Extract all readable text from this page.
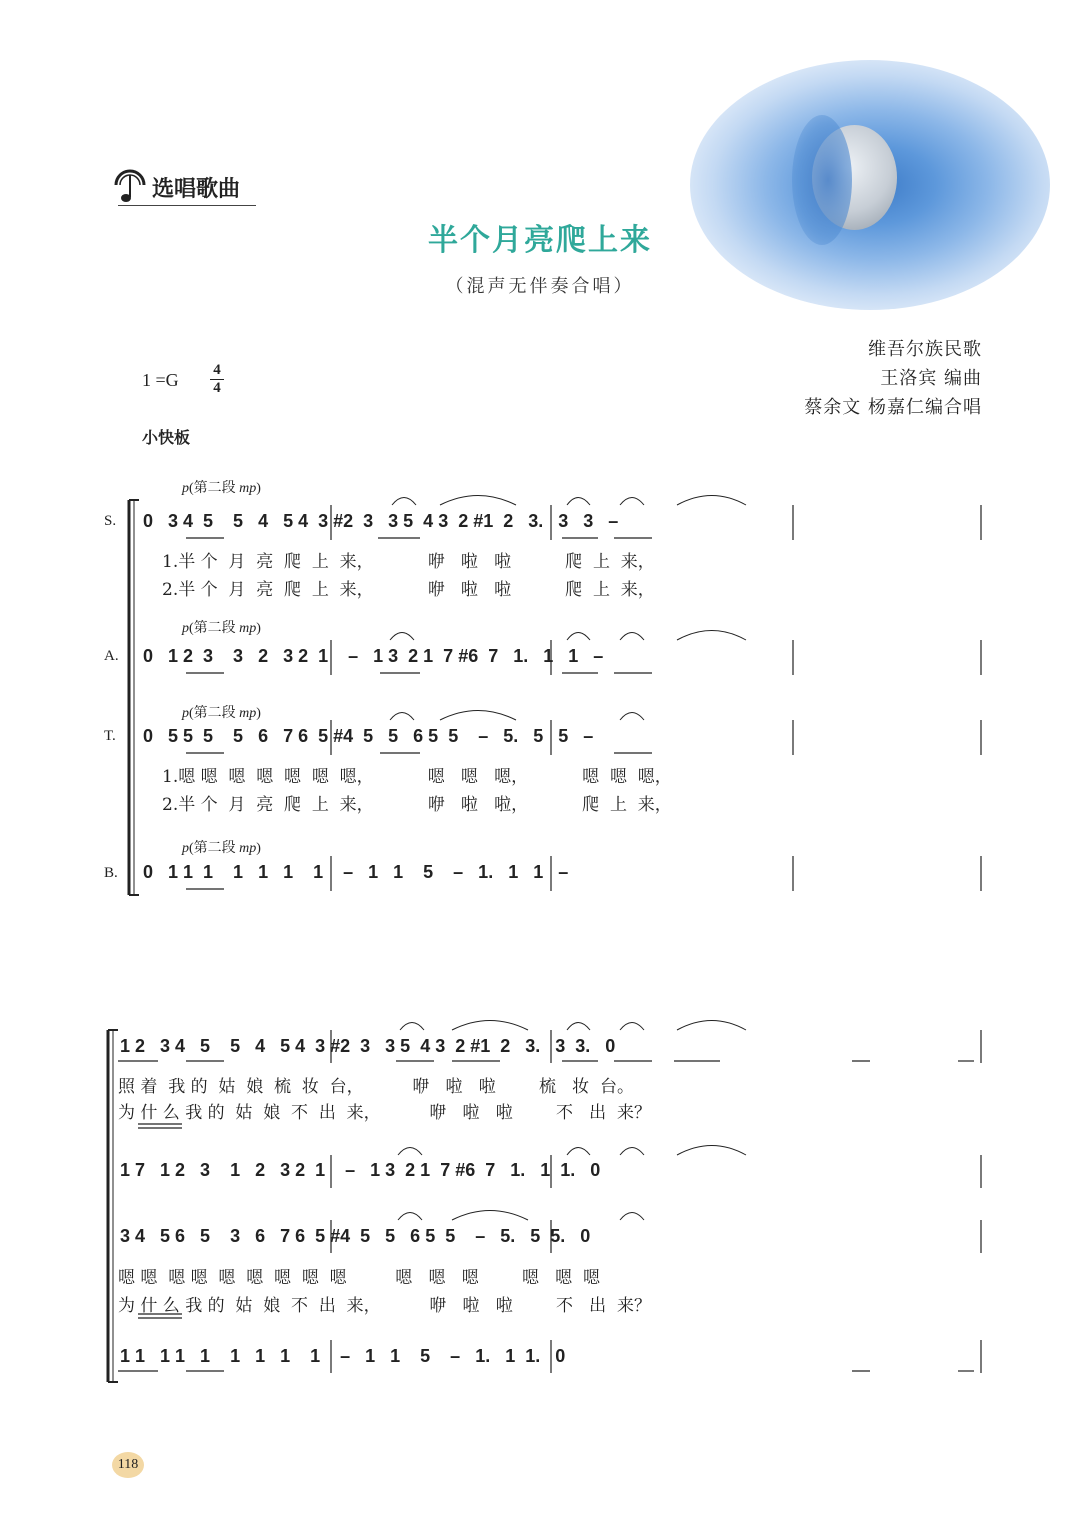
选唱歌曲
半个月亮爬上来
（混声无伴奏合唱）
维吾尔族民歌
王洛宾 编曲
蔡余文 杨嘉仁编合唱
1 =G 4
4
小快板
p(第二段 mp)
p(第二段 mp)
p(第二段 mp)
p(第二段 mp)
S.
A.
T.
B.
0   3 4  5    5   4   5 4  3 #2  3   3 5  4 3  2 #1  2   3.   3   3   –
1.半 个  月  亮  爬  上  来，          咿   啦   啦          爬  上  来，
2.半 个  月  亮  爬  上  来，          咿   啦   啦          爬  上  来，
0   1 2  3    3   2   3 2  1    –   1 3  2 1  7 #6  7   1.   1   1   –
0   5 5  5    5   6   7 6  5 #4  5   5   6 5  5    –   5.   5   5   –
1.嗯 嗯  嗯  嗯  嗯  嗯  嗯，          嗯   嗯   嗯，          嗯  嗯  嗯，
2.半 个  月  亮  爬  上  来，          咿   啦   啦，          爬  上  来，
0   1 1  1    1   1   1    1    –   1   1    5    –   1.   1   1   –
1 2   3 4   5    5   4   5 4  3 #2  3   3 5  4 3  2 #1  2   3.   3  3.   0
照 着  我 的  姑  娘  梳  妆  台，         咿   啦   啦        梳   妆  台。
为 什 么 我 的  姑  娘  不  出  来，         咿   啦   啦        不   出  来？
1 7   1 2   3    1   2   3 2  1    –   1 3  2 1  7 #6  7   1.   1  1.   0
3 4   5 6   5    3   6   7 6  5 #4  5   5   6 5  5    –   5.   5  5.   0
嗯 嗯  嗯 嗯  嗯  嗯  嗯  嗯  嗯         嗯   嗯   嗯        嗯   嗯  嗯
为 什 么 我 的  姑  娘  不  出  来，         咿   啦   啦        不   出  来？
1 1   1 1   1    1   1   1    1    –   1   1    5    –   1.   1  1.   0
118
